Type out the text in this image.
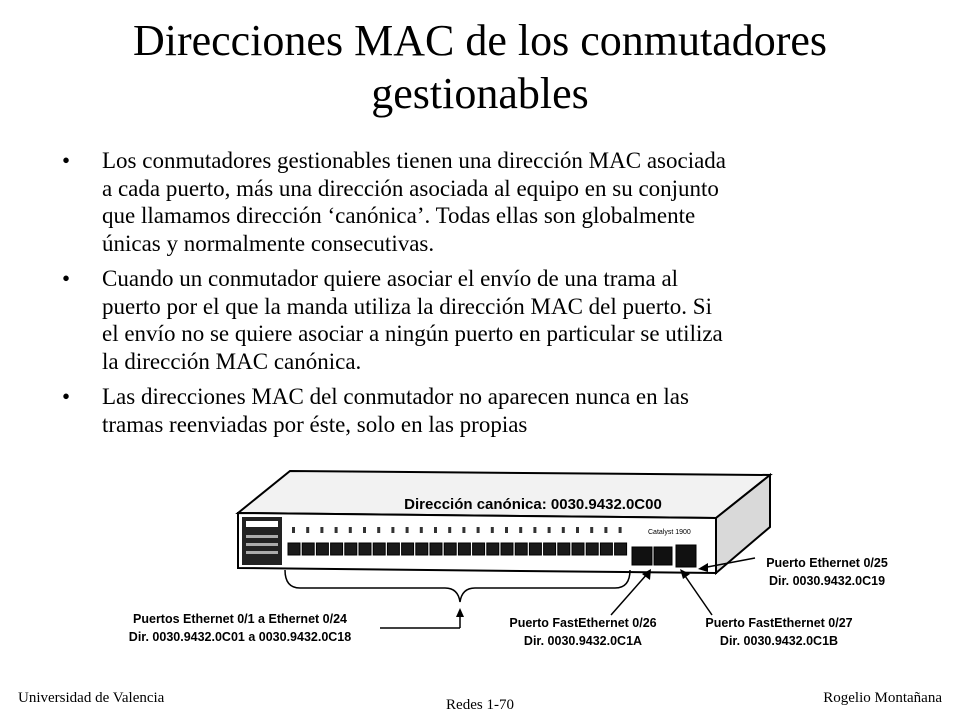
Direcciones MAC de los conmutadores
gestionables
• Los conmutadores gestionables tienen una dirección MAC asociada
a cada puerto, más una dirección asociada al equipo en su conjunto
que llamamos dirección ‘canónica’. Todas ellas son globalmente
únicas y normalmente consecutivas.
• Cuando un conmutador quiere asociar el envío de una trama al
puerto por el que la manda utiliza la dirección MAC del puerto. Si
el envío no se quiere asociar a ningún puerto en particular se utiliza
la dirección MAC canónica.
• Las direcciones MAC del conmutador no aparecen nunca en las
tramas reenviadas por éste, solo en las propias
Catalyst 1900
Dirección canónica: 0030.9432.0C00
Puertos Ethernet 0/1 a Ethernet 0/24
Dir. 0030.9432.0C01 a 0030.9432.0C18
Puerto Ethernet 0/25
Dir. 0030.9432.0C19
Puerto FastEthernet 0/26
Dir. 0030.9432.0C1A
Puerto FastEthernet 0/27
Dir. 0030.9432.0C1B
Universidad de Valencia	Redes 1-70	Rogelio Montañana
